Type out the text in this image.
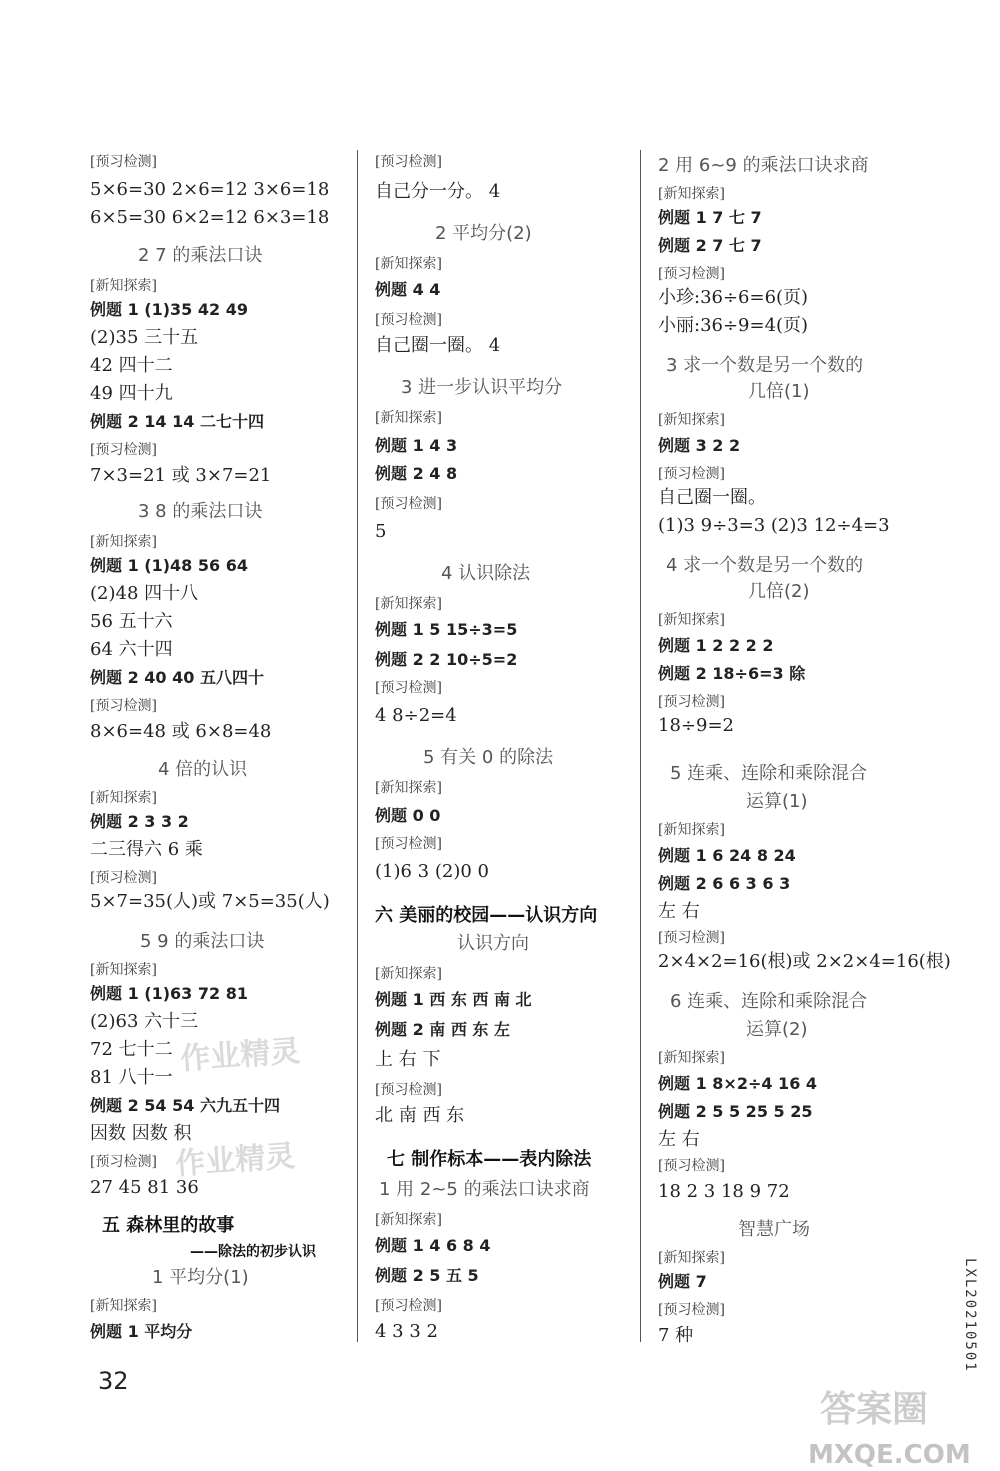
[预习检测]
5×6=30 2×6=12 3×6=18
6×5=30 6×2=12 6×3=18
2 7 的乘法口诀
[新知探索]
例题 1 (1)35 42 49
(2)35 三十五
42 四十二
49 四十九
例题 2 14 14 二七十四
[预习检测]
7×3=21 或 3×7=21
3 8 的乘法口诀
[新知探索]
例题 1 (1)48 56 64
(2)48 四十八
56 五十六
64 六十四
例题 2 40 40 五八四十
[预习检测]
8×6=48 或 6×8=48
4 倍的认识
[新知探索]
例题 2 3 3 2
二三得六 6 乘
[预习检测]
5×7=35(人)或 7×5=35(人)
5 9 的乘法口诀
[新知探索]
例题 1 (1)63 72 81
(2)63 六十三
72 七十二
81 八十一
例题 2 54 54 六九五十四
因数 因数 积
[预习检测]
27 45 81 36
五 森林里的故事
——除法的初步认识
1 平均分(1)
[新知探索]
例题 1 平均分
[预习检测]
自己分一分。 4
2 平均分(2)
[新知探索]
例题 4 4
[预习检测]
自己圈一圈。 4
3 进一步认识平均分
[新知探索]
例题 1 4 3
例题 2 4 8
[预习检测]
5
4 认识除法
[新知探索]
例题 1 5 15÷3=5
例题 2 2 10÷5=2
[预习检测]
4 8÷2=4
5 有关 0 的除法
[新知探索]
例题 0 0
[预习检测]
(1)6 3 (2)0 0
六 美丽的校园——认识方向
认识方向
[新知探索]
例题 1 西 东 西 南 北
例题 2 南 西 东 左
上 右 下
[预习检测]
北 南 西 东
七 制作标本——表内除法
1 用 2~5 的乘法口诀求商
[新知探索]
例题 1 4 6 8 4
例题 2 5 五 5
[预习检测]
4 3 3 2
2 用 6~9 的乘法口诀求商
[新知探索]
例题 1 7 七 7
例题 2 7 七 7
[预习检测]
小珍:36÷6=6(页)
小丽:36÷9=4(页)
3 求一个数是另一个数的
几倍(1)
[新知探索]
例题 3 2 2
[预习检测]
自己圈一圈。
(1)3 9÷3=3 (2)3 12÷4=3
4 求一个数是另一个数的
几倍(2)
[新知探索]
例题 1 2 2 2 2
例题 2 18÷6=3 除
[预习检测]
18÷9=2
5 连乘、连除和乘除混合
运算(1)
[新知探索]
例题 1 6 24 8 24
例题 2 6 6 3 6 3
左 右
[预习检测]
2×4×2=16(根)或 2×2×4=16(根)
6 连乘、连除和乘除混合
运算(2)
[新知探索]
例题 1 8×2÷4 16 4
例题 2 5 5 25 5 25
左 右
[预习检测]
18 2 3 18 9 72
智慧广场
[新知探索]
例题 7
[预习检测]
7 种
32
LXL20210501
作业精灵
作业精灵
答案圈
MXQE.COM
